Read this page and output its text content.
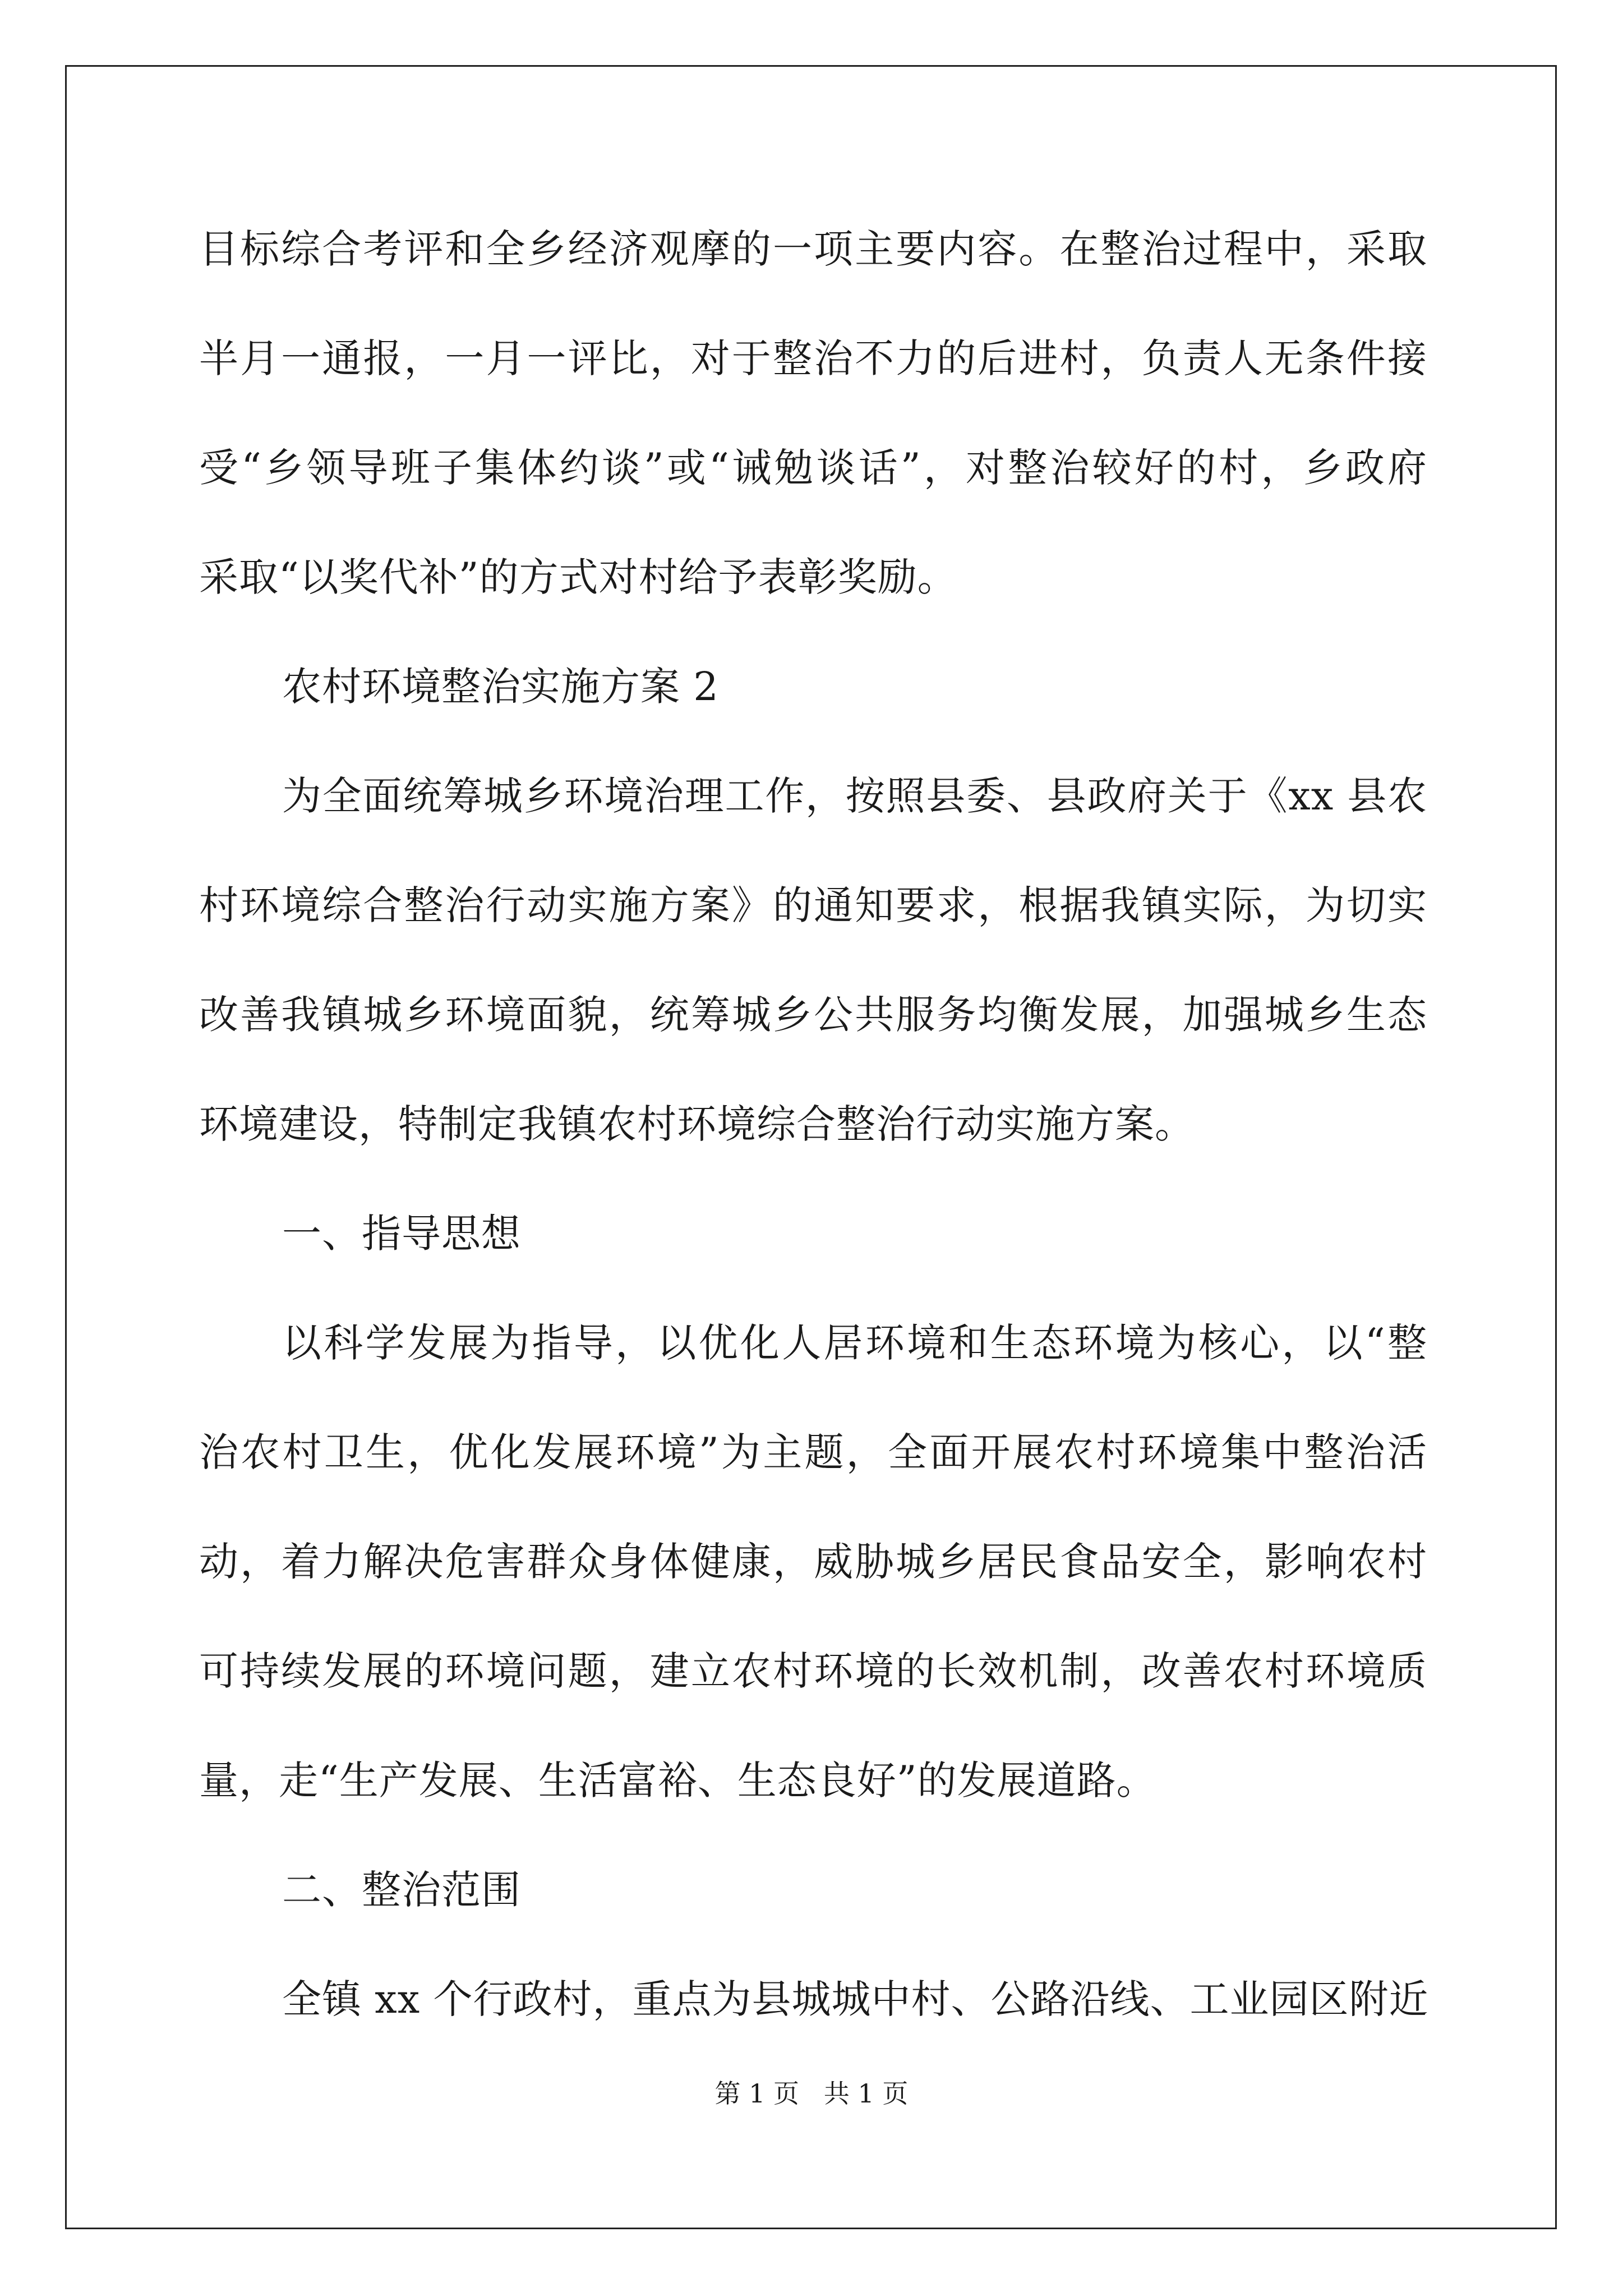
目标综合考评和全乡经济观摩的一项主要内容。在整治过程中，采取
半月一通报，一月一评比，对于整治不力的后进村，负责人无条件接
受“乡领导班子集体约谈”或“诫勉谈话”，对整治较好的村，乡政府
采取“以奖代补”的方式对村给予表彰奖励。
农村环境整治实施方案 2
为全面统筹城乡环境治理工作，按照县委、县政府关于《xx 县农
村环境综合整治行动实施方案》的通知要求，根据我镇实际，为切实
改善我镇城乡环境面貌，统筹城乡公共服务均衡发展，加强城乡生态
环境建设，特制定我镇农村环境综合整治行动实施方案。
一、指导思想
以科学发展为指导，以优化人居环境和生态环境为核心，以“整
治农村卫生，优化发展环境”为主题，全面开展农村环境集中整治活
动，着力解决危害群众身体健康，威胁城乡居民食品安全，影响农村
可持续发展的环境问题，建立农村环境的长效机制，改善农村环境质
量，走“生产发展、生活富裕、生态良好”的发展道路。
二、整治范围
全镇 xx 个行政村，重点为县城城中村、公路沿线、工业园区附近
第 1 页   共 1 页
